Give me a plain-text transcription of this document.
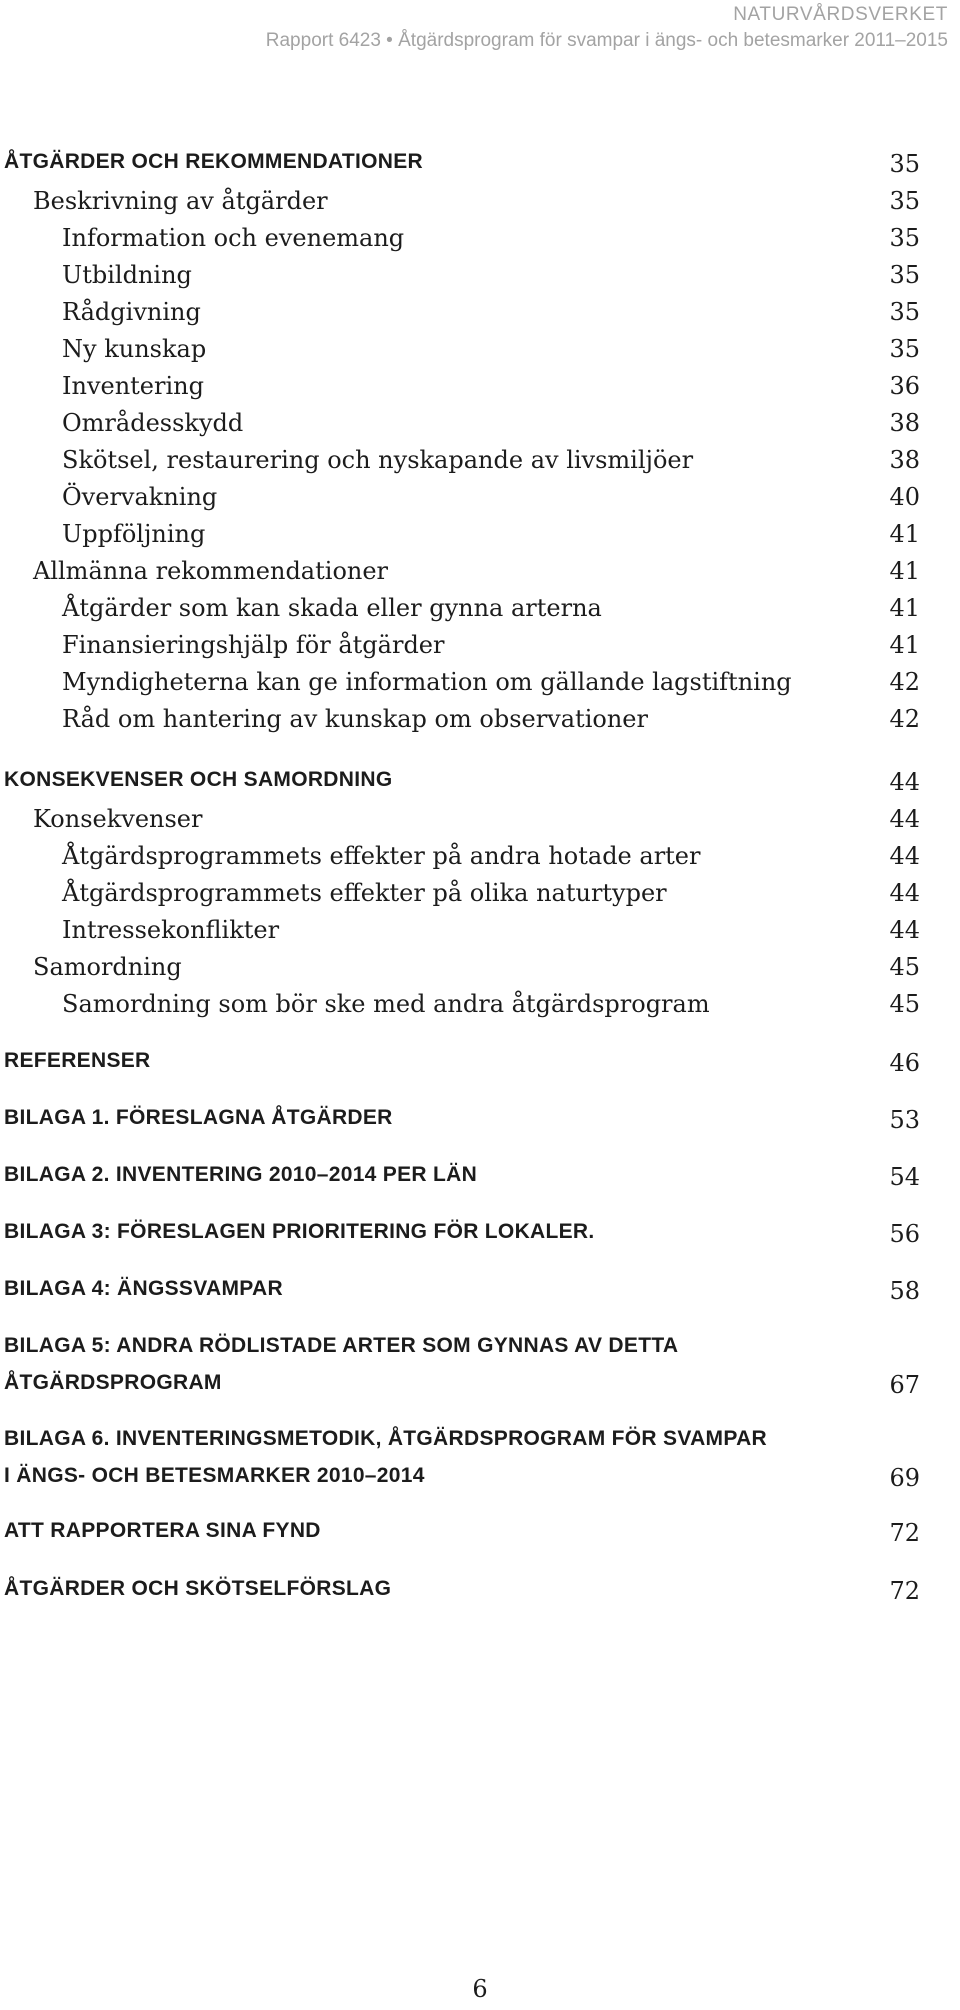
NATURVÅRDSVERKET
Rapport 6423 • Åtgärdsprogram för svampar i ängs- och betesmarker 2011–2015
ÅTGÄRDER OCH REKOMMENDATIONER	35
Beskrivning av åtgärder	35
Information och evenemang	35
Utbildning	35
Rådgivning	35
Ny kunskap	35
Inventering	36
Områdesskydd	38
Skötsel, restaurering och nyskapande av livsmiljöer	38
Övervakning	40
Uppföljning	41
Allmänna rekommendationer	41
Åtgärder som kan skada eller gynna arterna	41
Finansieringshjälp för åtgärder	41
Myndigheterna kan ge information om gällande lagstiftning	42
Råd om hantering av kunskap om observationer	42
KONSEKVENSER OCH SAMORDNING	44
Konsekvenser	44
Åtgärdsprogrammets effekter på andra hotade arter	44
Åtgärdsprogrammets effekter på olika naturtyper	44
Intressekonflikter	44
Samordning	45
Samordning som bör ske med andra åtgärdsprogram	45
REFERENSER	46
BILAGA 1. FÖRESLAGNA ÅTGÄRDER	53
BILAGA 2. INVENTERING 2010–2014 PER LÄN	54
BILAGA 3: FÖRESLAGEN PRIORITERING FÖR LOKALER.	56
BILAGA 4: ÄNGSSVAMPAR	58
BILAGA 5: ANDRA RÖDLISTADE ARTER SOM GYNNAS AV DETTA
ÅTGÄRDSPROGRAM	67
BILAGA 6. INVENTERINGSMETODIK, ÅTGÄRDSPROGRAM FÖR SVAMPAR
I ÄNGS- OCH BETESMARKER 2010–2014	69
ATT RAPPORTERA SINA FYND	72
ÅTGÄRDER OCH SKÖTSELFÖRSLAG	72
6
